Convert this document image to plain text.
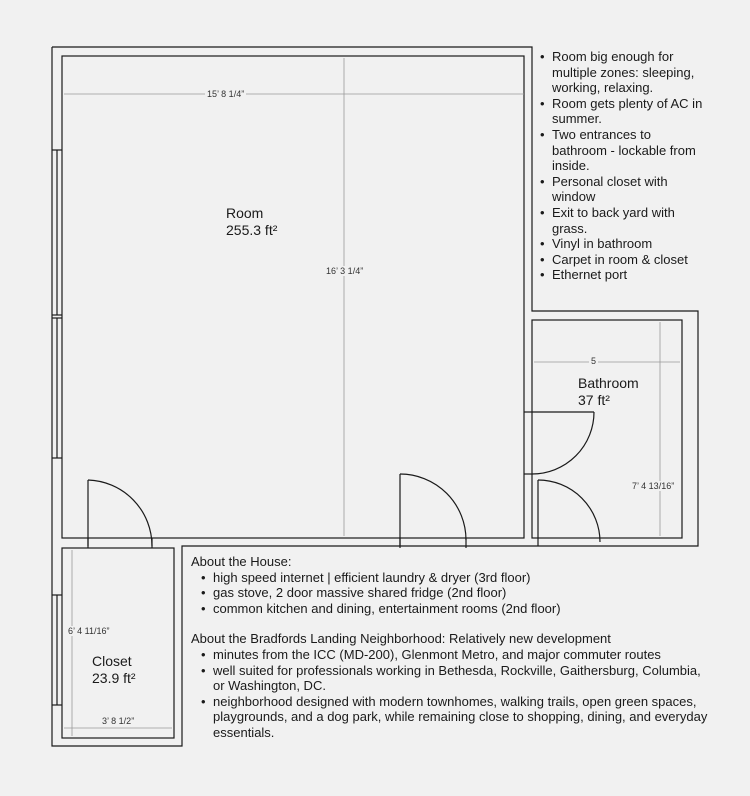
Room
255.3 ft²
Bathroom
37 ft²
Closet
23.9 ft²
15’ 8 1/4”
16’ 3 1/4”
5
7’ 4 13/16”
6’ 4 11/16”
3’ 8 1/2”
• Room big enough for multiple zones: sleeping, working, relaxing.
• Room gets plenty of AC in summer.
• Two entrances to bathroom - lockable from inside.
• Personal closet with window
• Exit to back yard with grass.
• Vinyl in bathroom
• Carpet in room & closet
• Ethernet port

About the House:

• high speed internet | efficient laundry & dryer (3rd floor)
• gas stove, 2 door massive shared fridge (2nd floor)
• common kitchen and dining, entertainment rooms (2nd floor)

About the Bradfords Landing Neighborhood: Relatively new development

• minutes from the ICC (MD-200), Glenmont Metro, and major commuter routes
• well suited for professionals working in Bethesda, Rockville, Gaithersburg, Columbia, or Washington, DC.
• neighborhood designed with modern townhomes, walking trails, open green spaces, playgrounds, and a dog park, while remaining close to shopping, dining, and everyday essentials.
